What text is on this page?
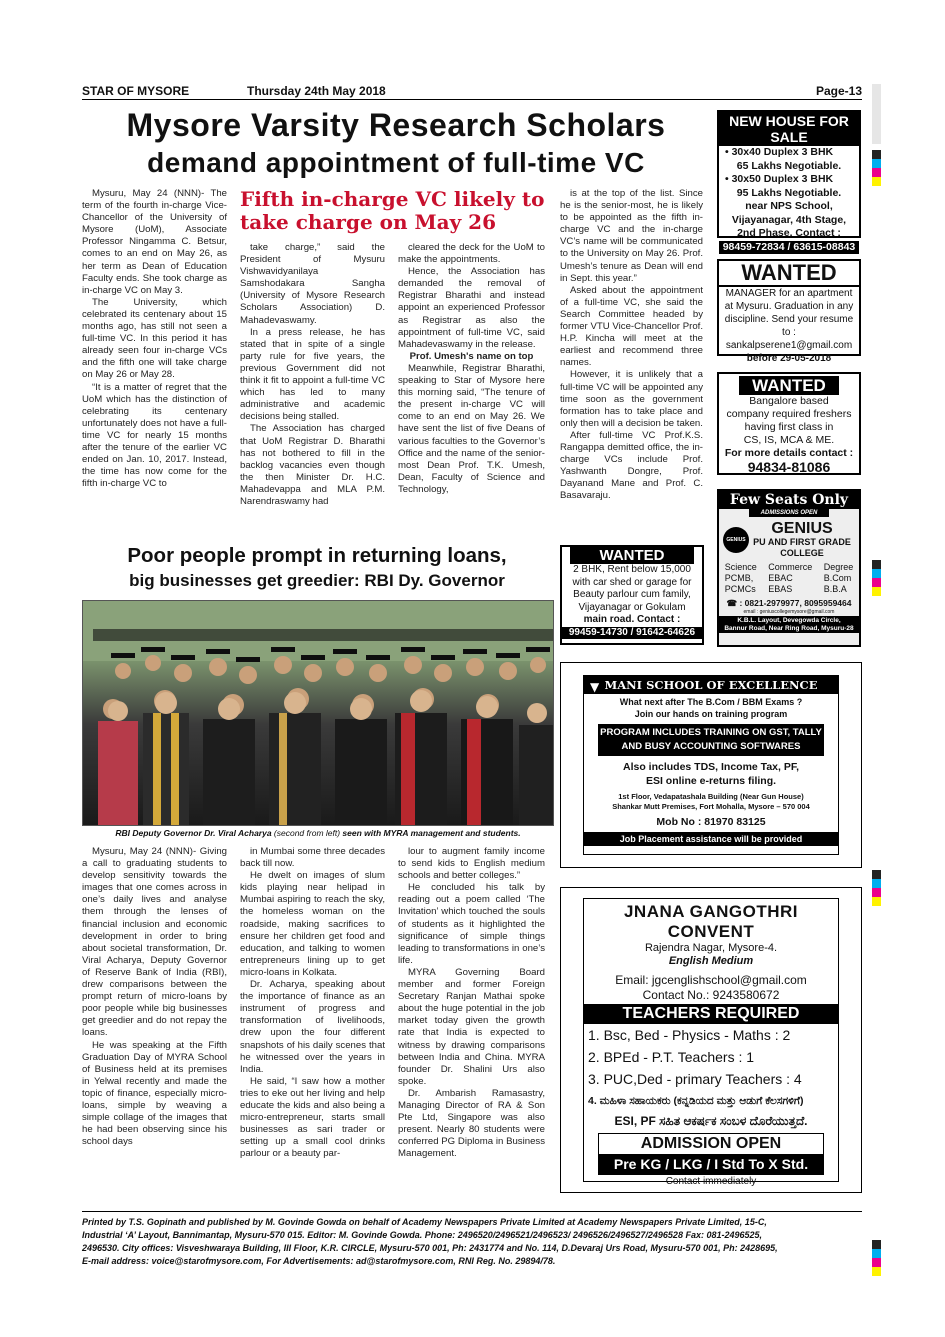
STAR OF MYSORE	Thursday 24th May 2018	Page-13
Mysore Varsity Research Scholars
demand appointment of full-time VC

Mysuru, May 24 (NNN)- The term of the fourth in-charge Vice-Chancellor of the University of Mysore (UoM), Associate Professor Ningamma C. Betsur, comes to an end on May 26, as her term as Dean of Education Faculty ends. She took charge as in-charge VC on May 3.

The University, which celebrated its centenary about 15 months ago, has still not seen a full-time VC. In this period it has already seen four in-charge VCs and the fifth one will take charge on May 26 or May 28.

“It is a matter of regret that the UoM which has the distinction of celebrating its centenary unfortunately does not have a full-time VC for nearly 15 months after the tenure of the earlier VC ended on Jan. 10, 2017. Instead, the time has now come for the fifth in-charge VC to

Fifth in-charge VC likely to
take charge on May 26

take charge,” said the President of Mysuru Vishwavidyanilaya Samshodakara Sangha (University of Mysore Research Scholars Association) D. Mahadevaswamy.

In a press release, he has stated that in spite of a single party rule for five years, the previous Government did not think it fit to appoint a full-time VC which has led to many administrative and academic decisions being stalled.

The Association has charged that UoM Registrar D. Bharathi has not bothered to fill in the backlog vacancies even though the then Minister Dr. H.C. Mahadevappa and MLA P.M. Narendraswamy had

cleared the deck for the UoM to make the appointments.

Hence, the Association has demanded the removal of Registrar Bharathi and instead appoint an experienced Professor as Registrar as also the appointment of full-time VC, said Mahadevaswamy in the release.

Prof. Umesh's name on top

Meanwhile, Registrar Bharathi, speaking to Star of Mysore here this morning said, “The tenure of the present in-charge VC will come to an end on May 26. We have sent the list of five Deans of various faculties to the Governor’s Office and the name of the senior-most Dean Prof. T.K. Umesh, Dean, Faculty of Science and Technology,

is at the top of the list. Since he is the senior-most, he is likely to be appointed as the fifth in-charge VC and the in-charge VC’s name will be communicated to the University on May 26. Prof. Umesh’s tenure as Dean will end in Sept. this year.”

Asked about the appointment of a full-time VC, she said the Search Committee headed by former VTU Vice-Chancellor Prof. H.P. Kincha will meet at the earliest and recommend three names.

However, it is unlikely that a full-time VC will be appointed any time soon as the government formation has to take place and only then will a decision be taken.

After full-time VC Prof.K.S. Rangappa demitted office, the in-charge VCs include Prof. Yashwanth Dongre, Prof. Dayanand Mane and Prof. C. Basavaraju.

NEW HOUSE FOR SALE
• 30x40 Duplex 3 BHK
65 Lakhs Negotiable.
• 30x50 Duplex 3 BHK
95 Lakhs Negotiable.
near NPS School,
Vijayanagar, 4th Stage,
2nd Phase. Contact :
98459-72834 / 63615-08843
WANTED
MANAGER for an apartment
at Mysuru. Graduation in any
discipline. Send your resume
to : sankalpserene1@gmail.com
before 29-05-2018
WANTED
Bangalore based
company required freshers
having first class in
CS, IS, MCA & ME.
For more details contact :
94834-81086
Few Seats Only
ADMISSIONS OPEN
GENIUS
GENIUS
PU AND FIRST GRADE
COLLEGE
Science
PCMB,
PCMCs
Commerce
EBAC
EBAS
Degree
B.Com
B.B.A
☎ : 0821-2979977, 8095959464
email : geniuscollegemysore@gmail.com
K.B.L. Layout, Devegowda Circle,
Bannur Road, Near Ring Road, Mysuru-28
WANTED
2 BHK, Rent below 15,000
with car shed or garage for
Beauty parlour cum family,
Vijayanagar or Gokulam
main road. Contact :
99459-14730 / 91642-64626
Poor people prompt in returning loans,
big businesses get greedier: RBI Dy. Governor
RBI Deputy Governor Dr. Viral Acharya (second from left) seen with MYRA management and students.

Mysuru, May 24 (NNN)- Giving a call to graduating students to develop sensitivity towards the images that one comes across in one’s daily lives and analyse them through the lenses of financial inclusion and economic development in order to bring about societal transformation, Dr. Viral Acharya, Deputy Governor of Reserve Bank of India (RBI), drew comparisons between the prompt return of micro-loans by poor people while big businesses get greedier and do not repay the loans.

He was speaking at the Fifth Graduation Day of MYRA School of Business held at its premises in Yelwal recently and made the topic of finance, especially micro-loans, simple by weaving a simple collage of the images that he had been observing since his school days

in Mumbai some three decades back till now.

He dwelt on images of slum kids playing near helipad in Mumbai aspiring to reach the sky, the homeless woman on the roadside, making sacrifices to ensure her children get food and education, and talking to women entrepreneurs lining up to get micro-loans in Kolkata.

Dr. Acharya, speaking about the importance of finance as an instrument of progress and transformation of livelihoods, drew upon the four different snapshots of his daily scenes that he witnessed over the years in India.

He said, “I saw how a mother tries to eke out her living and help educate the kids and also being a micro-entrepreneur, starts small businesses as sari trader or setting up a small cool drinks parlour or a beauty par-

lour to augment family income to send kids to English medium schools and better colleges.”

He concluded his talk by reading out a poem called ‘The Invitation’ which touched the souls of students as it highlighted the significance of simple things leading to transformations in one’s life.

MYRA Governing Board member and former Foreign Secretary Ranjan Mathai spoke about the huge potential in the job market today given the growth rate that India is expected to witness by drawing comparisons between India and China. MYRA founder Dr. Shalini Urs also spoke.

Dr. Ambarish Ramasastry, Managing Director of RA & Son Pte Ltd, Singapore was also present. Nearly 80 students were conferred PG Diploma in Business Management.

▼ MANI SCHOOL OF EXCELLENCE
What next after The B.Com / BBM Exams ?
Join our hands on training program
PROGRAM INCLUDES TRAINING ON GST, TALLY
AND BUSY ACCOUNTING SOFTWARES
Also includes TDS, Income Tax, PF,
ESI online e-returns filing.
1st Floor, Vedapatashala Building (Near Gun House)
Shankar Mutt Premises, Fort Mohalla, Mysore – 570 004
Mob No : 81970 83125
Job Placement assistance will be provided
JNANA GANGOTHRI CONVENT
Rajendra Nagar, Mysore-4.
English Medium
Email: jgcenglishschool@gmail.com
Contact No.: 9243580672
TEACHERS REQUIRED
1. Bsc, Bed - Physics - Maths : 2
2. BPEd - P.T. Teachers : 1
3. PUC,Ded - primary Teachers : 4
4. ಮಹಿಳಾ ಸಹಾಯಕರು (ಕನ್ನಡಿಯದ ಮತ್ತು ಆಡುಗೆ ಕೆಲಸಗಳಿಗೆ)
ESI, PF ಸಹಿತ ಆಕರ್ಷಕ ಸಂಬಳ ದೊರೆಯುತ್ತದೆ.
ADMISSION OPEN
Pre KG / LKG / I Std To X Std.
Contact immediately
Printed by T.S. Gopinath and published by M. Govinde Gowda on behalf of Academy Newspapers Private Limited at Academy Newspapers Private Limited, 15-C,
Industrial ‘A’ Layout, Bannimantap, Mysuru-570 015. Editor: M. Govinde Gowda. Phone: 2496520/2496521/2496523/ 2496526/2496527/2496528 Fax: 081-2496525,
2496530. City offices: Visveshwaraya Building, III Floor, K.R. CIRCLE, Mysuru-570 001, Ph: 2431774 and No. 114, D.Devaraj Urs Road, Mysuru-570 001, Ph: 2428695,
E-mail address: voice@starofmysore.com, For Advertisements: ad@starofmysore.com, RNI Reg. No. 29894/78.
